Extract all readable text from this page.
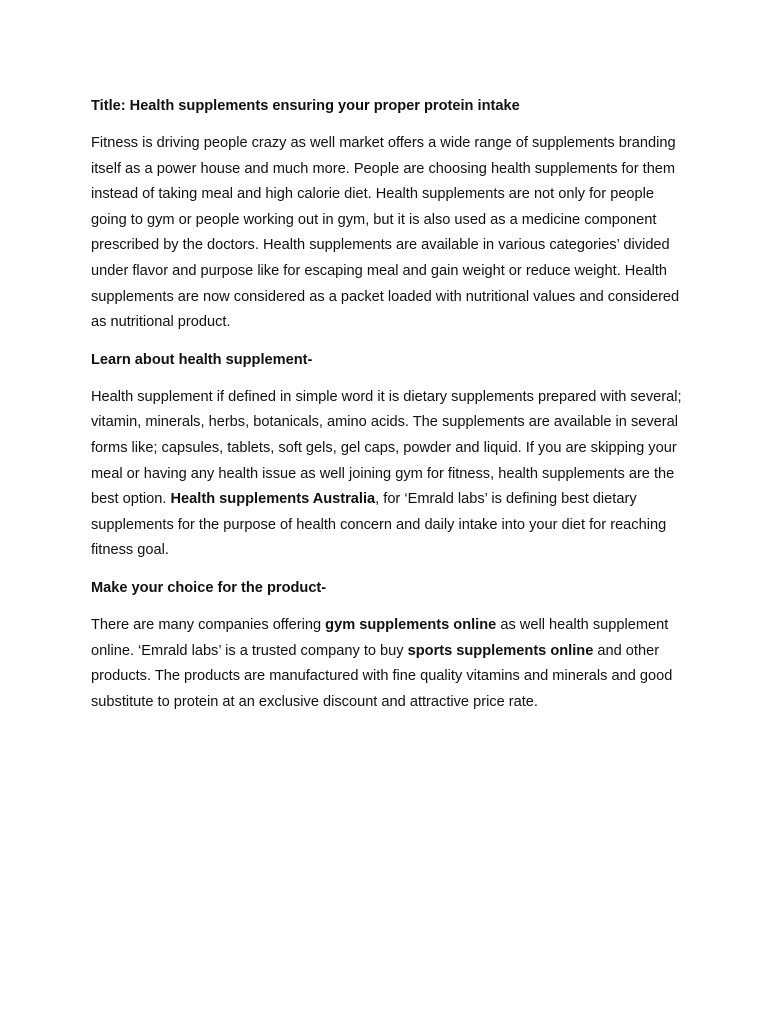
Title: Health supplements ensuring your proper protein intake

Fitness is driving people crazy as well market offers a wide range of supplements branding itself as a power house and much more. People are choosing health supplements for them instead of taking meal and high calorie diet. Health supplements are not only for people going to gym or people working out in gym, but it is also used as a medicine component prescribed by the doctors. Health supplements are available in various categories’ divided under flavor and purpose like for escaping meal and gain weight or reduce weight. Health supplements are now considered as a packet loaded with nutritional values and considered as nutritional product.

Learn about health supplement-

Health supplement if defined in simple word it is dietary supplements prepared with several; vitamin, minerals, herbs, botanicals, amino acids. The supplements are available in several forms like; capsules, tablets, soft gels, gel caps, powder and liquid. If you are skipping your meal or having any health issue as well joining gym for fitness, health supplements are the best option. Health supplements Australia, for ‘Emrald labs’ is defining best dietary supplements for the purpose of health concern and daily intake into your diet for reaching fitness goal.

Make your choice for the product-

There are many companies offering gym supplements online as well health supplement online. ‘Emrald labs’ is a trusted company to buy sports supplements online and other products. The products are manufactured with fine quality vitamins and minerals and good substitute to protein at an exclusive discount and attractive price rate.
